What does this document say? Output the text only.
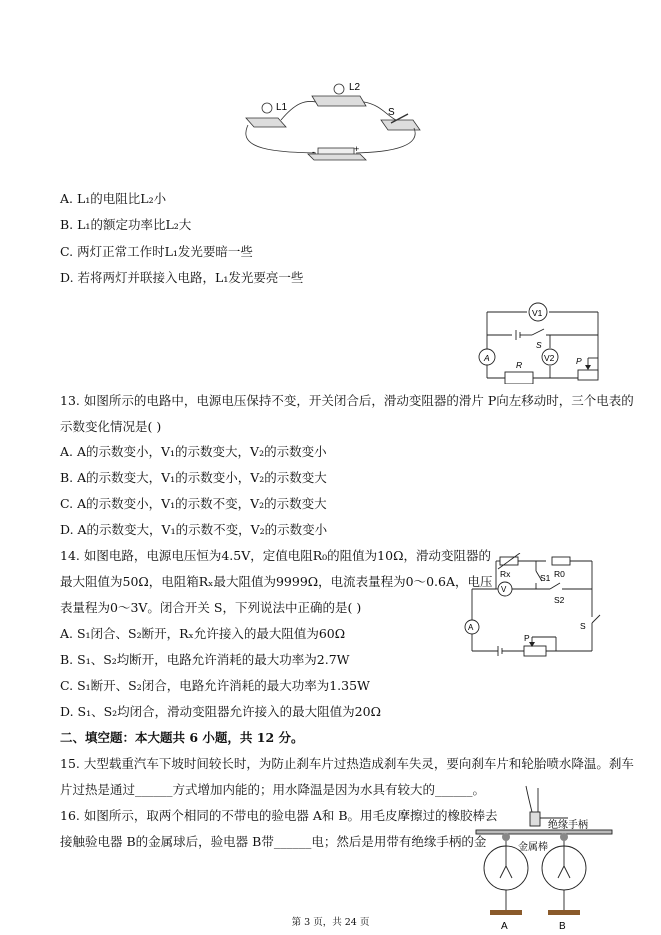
L1
L2
S
-	+
A. L₁的电阻比L₂小
B. L₁的额定功率比L₂大
C. 两灯正常工作时L₁发光要暗一些
D. 若将两灯并联接入电路，L₁发光要亮一些
V1
A	V2
S
R	P
13. 如图所示的电路中，电源电压保持不变，开关闭合后，滑动变阻器的滑片 P向左移动时，三个电表的
示数变化情况是( )
A. A的示数变小，V₁的示数变大，V₂的示数变小
B. A的示数变大，V₁的示数变小，V₂的示数变大
C. A的示数变小，V₁的示数不变，V₂的示数变大
D. A的示数变大，V₁的示数不变，V₂的示数变小
Rx	S1 R0
V
S2
A	S
P
14. 如图电路，电源电压恒为4.5V，定值电阻R₀的阻值为10Ω，滑动变阻器的
最大阻值为50Ω，电阻箱Rₓ最大阻值为9999Ω，电流表量程为0～0.6A，电压
表量程为0～3V。闭合开关 S，下列说法中正确的是( )
A. S₁闭合、S₂断开，Rₓ允许接入的最大阻值为60Ω
B. S₁、S₂均断开，电路允许消耗的最大功率为2.7W
C. S₁断开、S₂闭合，电路允许消耗的最大功率为1.35W
D. S₁、S₂均闭合，滑动变阻器允许接入的最大阻值为20Ω
二、填空题：本大题共 6 小题，共 12 分。
15. 大型载重汽车下坡时间较长时，为防止刹车片过热造成刹车失灵，要向刹车片和轮胎喷水降温。刹车
片过热是通过______方式增加内能的；用水降温是因为水具有较大的______。
16. 如图所示，取两个相同的不带电的验电器 A和 B。用毛皮摩擦过的橡胶棒去
接触验电器 B的金属球后，验电器 B带______电；然后是用带有绝缘手柄的金
绝缘手柄
金属棒
A	B
第 3 页，共 24 页
